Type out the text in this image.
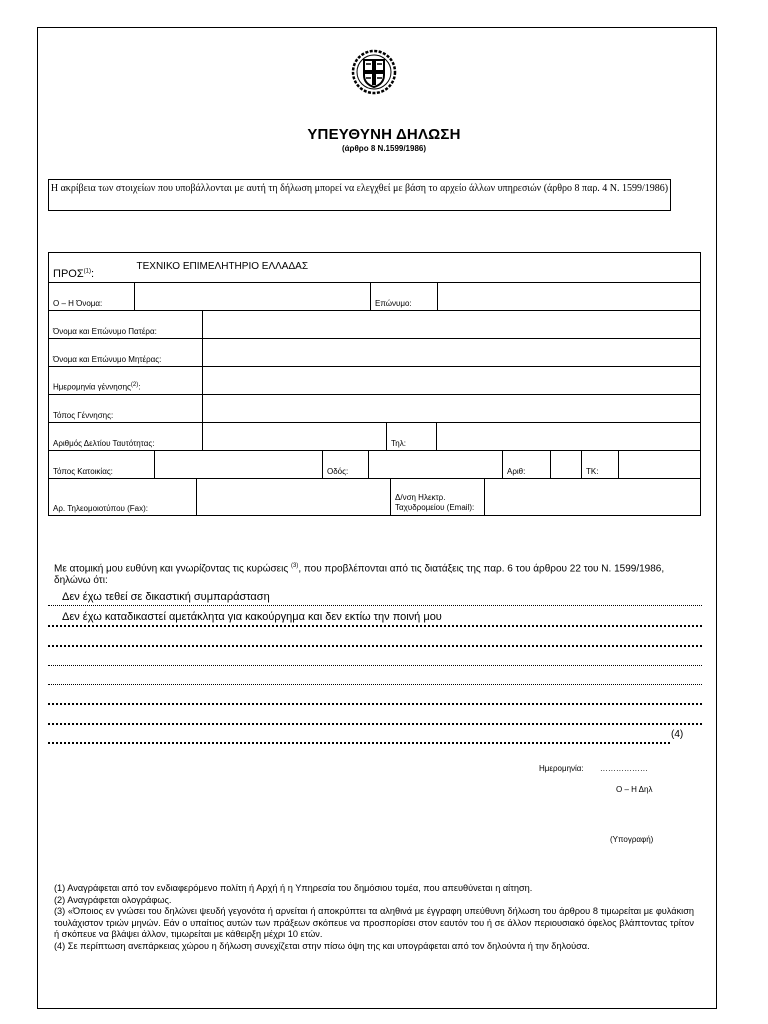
ΥΠΕΥΘΥΝΗ ΔΗΛΩΣΗ
(άρθρο 8 Ν.1599/1986)
Η ακρίβεια των στοιχείων που υποβάλλονται με αυτή τη δήλωση μπορεί να ελεγχθεί με βάση το αρχείο άλλων υπηρεσιών (άρθρο 8 παρ. 4 Ν. 1599/1986)
ΠΡΟΣ$^{(1)}$:	ΤΕΧΝΙΚΟ ΕΠΙΜΕΛΗΤΗΡΙΟ ΕΛΛΑΔΑΣ
Ο – Η Όνομα:		Επώνυμο:	
Όνομα και Επώνυμο Πατέρα:	
Όνομα και Επώνυμο Μητέρας:	
Ημερομηνία γέννησης$^{(2)}$:	
Τόπος Γέννησης:	
Αριθμός Δελτίου Ταυτότητας:		Τηλ:	
Τόπος Κατοικίας:		Οδός:		Αριθ:		ΤΚ:	
Αρ. Τηλεομοιοτύπου (Fax):		Δ/νση Ηλεκτρ. Ταχυδρομείου (Email):	
Με ατομική μου ευθύνη και γνωρίζοντας τις κυρώσεις $^{(3)}$, που προβλέπονται από τις διατάξεις της παρ. 6 του άρθρου 22 του Ν. 1599/1986, δηλώνω ότι:
Δεν έχω τεθεί σε δικαστική συμπαράσταση
Δεν έχω καταδικαστεί αμετάκλητα για κακούργημα και δεν εκτίω την ποινή μου
(4)
Ημερομηνία: ………………
Ο – Η Δηλ
(Υπογραφή)

(1) Αναγράφεται από τον ενδιαφερόμενο πολίτη ή Αρχή ή η Υπηρεσία του δημόσιου τομέα, που απευθύνεται η αίτηση.

(2) Αναγράφεται ολογράφως.

(3) «Όποιος εν γνώσει του δηλώνει ψευδή γεγονότα ή αρνείται ή αποκρύπτει τα αληθινά με έγγραφη υπεύθυνη δήλωση του άρθρου 8 τιμωρείται με φυλάκιση τουλάχιστον τριών μηνών. Εάν ο υπαίτιος αυτών των πράξεων σκόπευε να προσπορίσει στον εαυτόν του ή σε άλλον περιουσιακό όφελος βλάπτοντας τρίτον ή σκόπευε να βλάψει άλλον, τιμωρείται με κάθειρξη μέχρι 10 ετών.

(4) Σε περίπτωση ανεπάρκειας χώρου η δήλωση συνεχίζεται στην πίσω όψη της και υπογράφεται από τον δηλούντα ή την δηλούσα.
